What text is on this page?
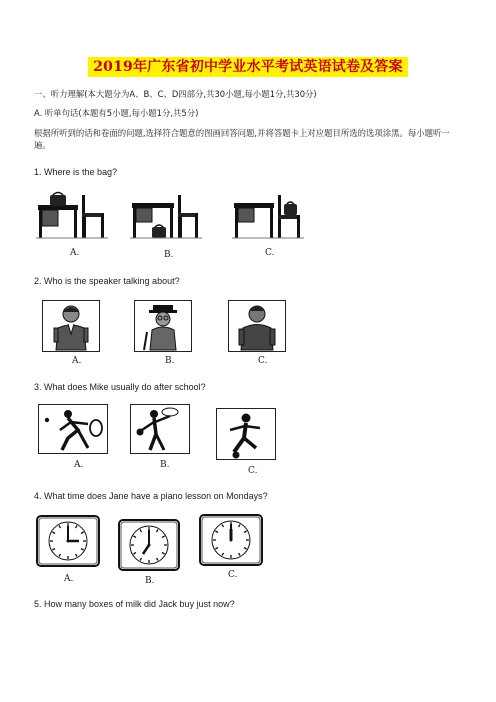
2019年广东省初中学业水平考试英语试卷及答案
一、听力理解(本大题分为A、B、C、D四部分,共30小题,每小题1分,共30分)
A. 听单句话(本题有5小题,每小题1分,共5分)
根据所听到的话和卷面的问题,选择符合题意的图画回答问题,并将答题卡上对应题目所选的选项涂黑。每小题听一遍。
1. Where is the bag?
A.	B.	C.
2. Who is the speaker talking about?
A.	B.	C.
3. What does Mike usually do after school?
A.	B.
C.
4. What time does Jane have a piano lesson on Mondays?
A.	B.
C.
5. How many boxes of milk did Jack buy just now?
